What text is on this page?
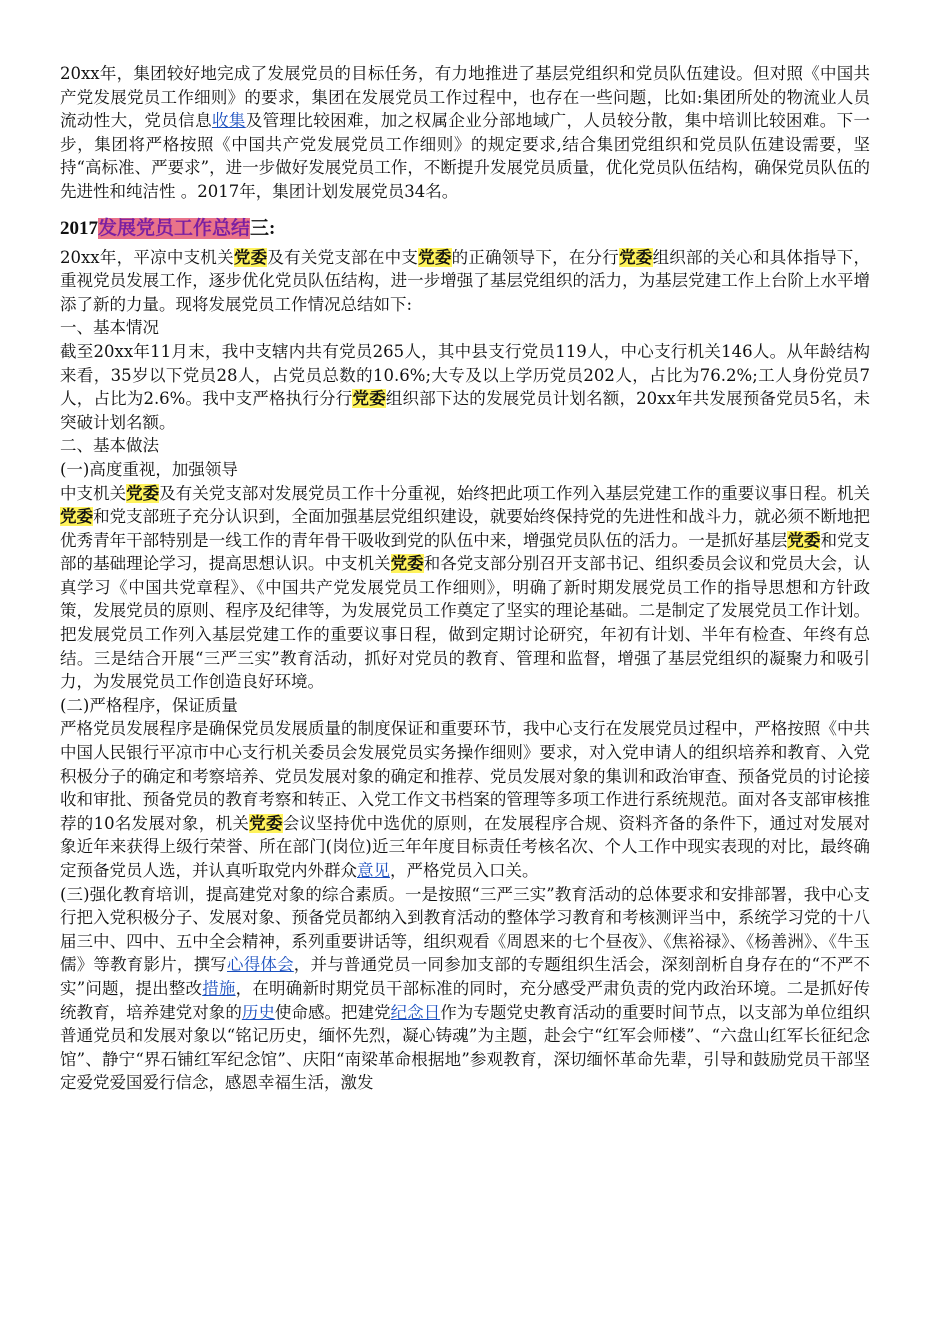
20xx年，集团较好地完成了发展党员的目标任务，有力地推进了基层党组织和党员队伍建设。但对照《中国共产党发展党员工作细则》的要求，集团在发展党员工作过程中，也存在一些问题，比如:集团所处的物流业人员流动性大，党员信息收集及管理比较困难，加之权属企业分部地域广，人员较分散，集中培训比较困难。下一步，集团将严格按照《中国共产党发展党员工作细则》的规定要求,结合集团党组织和党员队伍建设需要，坚持“高标准、严要求”，进一步做好发展党员工作，不断提升发展党员质量，优化党员队伍结构，确保党员队伍的先进性和纯洁性 。2017年，集团计划发展党员34名。

2017发展党员工作总结三:

20xx年，平凉中支机关党委及有关党支部在中支党委的正确领导下，在分行党委组织部的关心和具体指导下，重视党员发展工作，逐步优化党员队伍结构，进一步增强了基层党组织的活力，为基层党建工作上台阶上水平增添了新的力量。现将发展党员工作情况总结如下:

一、基本情况

截至20xx年11月末，我中支辖内共有党员265人，其中县支行党员119人，中心支行机关146人。从年龄结构来看，35岁以下党员28人，占党员总数的10.6%;大专及以上学历党员202人，占比为76.2%;工人身份党员7人，占比为2.6%。我中支严格执行分行党委组织部下达的发展党员计划名额，20xx年共发展预备党员5名，未突破计划名额。

二、基本做法

(一)高度重视，加强领导

中支机关党委及有关党支部对发展党员工作十分重视，始终把此项工作列入基层党建工作的重要议事日程。机关党委和党支部班子充分认识到，全面加强基层党组织建设，就要始终保持党的先进性和战斗力，就必须不断地把优秀青年干部特别是一线工作的青年骨干吸收到党的队伍中来，增强党员队伍的活力。一是抓好基层党委和党支部的基础理论学习，提高思想认识。中支机关党委和各党支部分别召开支部书记、组织委员会议和党员大会，认真学习《中国共党章程》、《中国共产党发展党员工作细则》，明确了新时期发展党员工作的指导思想和方针政策，发展党员的原则、程序及纪律等，为发展党员工作奠定了坚实的理论基础。二是制定了发展党员工作计划。把发展党员工作列入基层党建工作的重要议事日程，做到定期讨论研究，年初有计划、半年有检查、年终有总结。三是结合开展“三严三实”教育活动，抓好对党员的教育、管理和监督，增强了基层党组织的凝聚力和吸引力，为发展党员工作创造良好环境。

(二)严格程序，保证质量

严格党员发展程序是确保党员发展质量的制度保证和重要环节，我中心支行在发展党员过程中，严格按照《中共中国人民银行平凉市中心支行机关委员会发展党员实务操作细则》要求，对入党申请人的组织培养和教育、入党积极分子的确定和考察培养、党员发展对象的确定和推荐、党员发展对象的集训和政治审查、预备党员的讨论接收和审批、预备党员的教育考察和转正、入党工作文书档案的管理等多项工作进行系统规范。面对各支部审核推荐的10名发展对象，机关党委会议坚持优中选优的原则，在发展程序合规、资料齐备的条件下，通过对发展对象近年来获得上级行荣誉、所在部门(岗位)近三年年度目标责任考核名次、个人工作中现实表现的对比，最终确定预备党员人选，并认真听取党内外群众意见，严格党员入口关。

(三)强化教育培训，提高建党对象的综合素质。一是按照“三严三实”教育活动的总体要求和安排部署，我中心支行把入党积极分子、发展对象、预备党员都纳入到教育活动的整体学习教育和考核测评当中，系统学习党的十八届三中、四中、五中全会精神，系列重要讲话等，组织观看《周恩来的七个昼夜》、《焦裕禄》、《杨善洲》、《牛玉儒》等教育影片，撰写心得体会，并与普通党员一同参加支部的专题组织生活会，深刻剖析自身存在的“不严不实”问题，提出整改措施，在明确新时期党员干部标准的同时，充分感受严肃负责的党内政治环境。二是抓好传统教育，培养建党对象的历史使命感。把建党纪念日作为专题党史教育活动的重要时间节点，以支部为单位组织普通党员和发展对象以“铭记历史，缅怀先烈，凝心铸魂”为主题，赴会宁“红军会师楼”、“六盘山红军长征纪念馆”、静宁“界石铺红军纪念馆”、庆阳“南梁革命根据地”参观教育，深切缅怀革命先辈，引导和鼓励党员干部坚定爱党爱国爱行信念，感恩幸福生活，激发
